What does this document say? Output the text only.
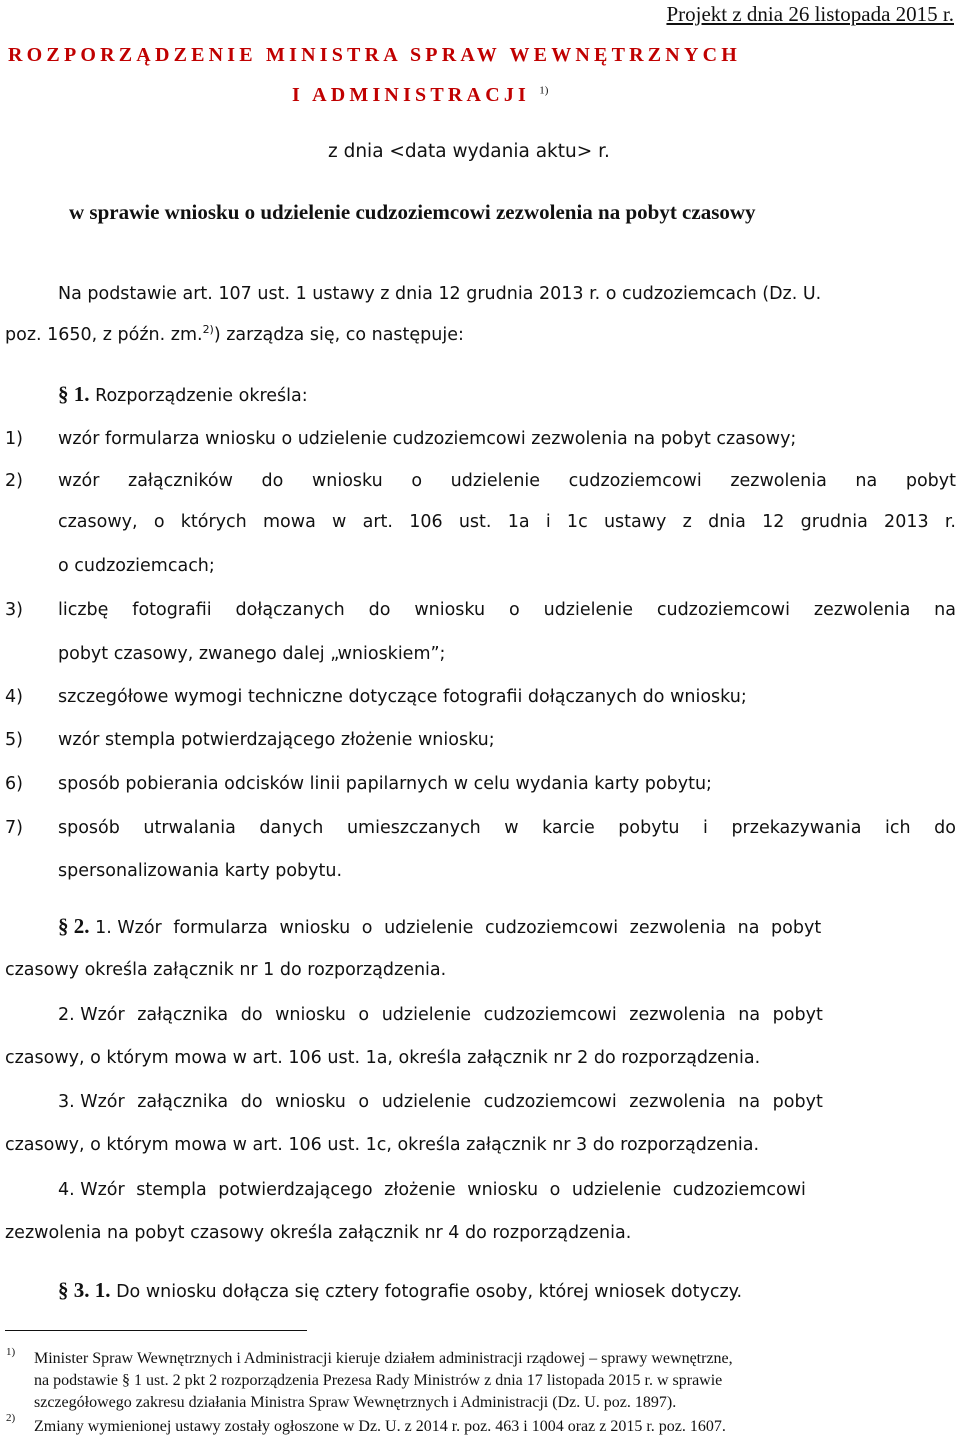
Projekt z dnia 26 listopada 2015 r.
ROZPORZĄDZENIE MINISTRA SPRAW WEWNĘTRZNYCH
I ADMINISTRACJI $^{1)}$
z dnia <data wydania aktu> r.
w sprawie wniosku o udzielenie cudzoziemcowi zezwolenia na pobyt czasowy
Na podstawie art. 107 ust. 1 ustawy z dnia 12 grudnia 2013 r. o cudzoziemcach (Dz. U.
poz. 1650, z późn. zm.$^{2)}$) zarządza się, co następuje:
§ 1. Rozporządzenie określa:
1) wzór formularza wniosku o udzielenie cudzoziemcowi zezwolenia na pobyt czasowy;
2) wzór załączników do wniosku o udzielenie cudzoziemcowi zezwolenia na pobyt
czasowy, o których mowa w art. 106 ust. 1a i 1c ustawy z dnia 12 grudnia 2013 r.
o cudzoziemcach;
3) liczbę fotografii dołączanych do wniosku o udzielenie cudzoziemcowi zezwolenia na
pobyt czasowy, zwanego dalej „wnioskiem”;
4) szczegółowe wymogi techniczne dotyczące fotografii dołączanych do wniosku;
5) wzór stempla potwierdzającego złożenie wniosku;
6) sposób pobierania odcisków linii papilarnych w celu wydania karty pobytu;
7) sposób utrwalania danych umieszczanych w karcie pobytu i przekazywania ich do
spersonalizowania karty pobytu.
§ 2. 1. Wzór formularza wniosku o udzielenie cudzoziemcowi zezwolenia na pobyt
czasowy określa załącznik nr 1 do rozporządzenia.
2. Wzór załącznika do wniosku o udzielenie cudzoziemcowi zezwolenia na pobyt
czasowy, o którym mowa w art. 106 ust. 1a, określa załącznik nr 2 do rozporządzenia.
3. Wzór załącznika do wniosku o udzielenie cudzoziemcowi zezwolenia na pobyt
czasowy, o którym mowa w art. 106 ust. 1c, określa załącznik nr 3 do rozporządzenia.
4. Wzór stempla potwierdzającego złożenie wniosku o udzielenie cudzoziemcowi
zezwolenia na pobyt czasowy określa załącznik nr 4 do rozporządzenia.
§ 3. 1. Do wniosku dołącza się cztery fotografie osoby, której wniosek dotyczy.
1) Minister Spraw Wewnętrznych i Administracji kieruje działem administracji rządowej – sprawy wewnętrzne,
na podstawie § 1 ust. 2 pkt 2 rozporządzenia Prezesa Rady Ministrów z dnia 17 listopada 2015 r. w sprawie
szczegółowego zakresu działania Ministra Spraw Wewnętrznych i Administracji (Dz. U. poz. 1897).
2) Zmiany wymienionej ustawy zostały ogłoszone w Dz. U. z 2014 r. poz. 463 i 1004 oraz z 2015 r. poz. 1607.
